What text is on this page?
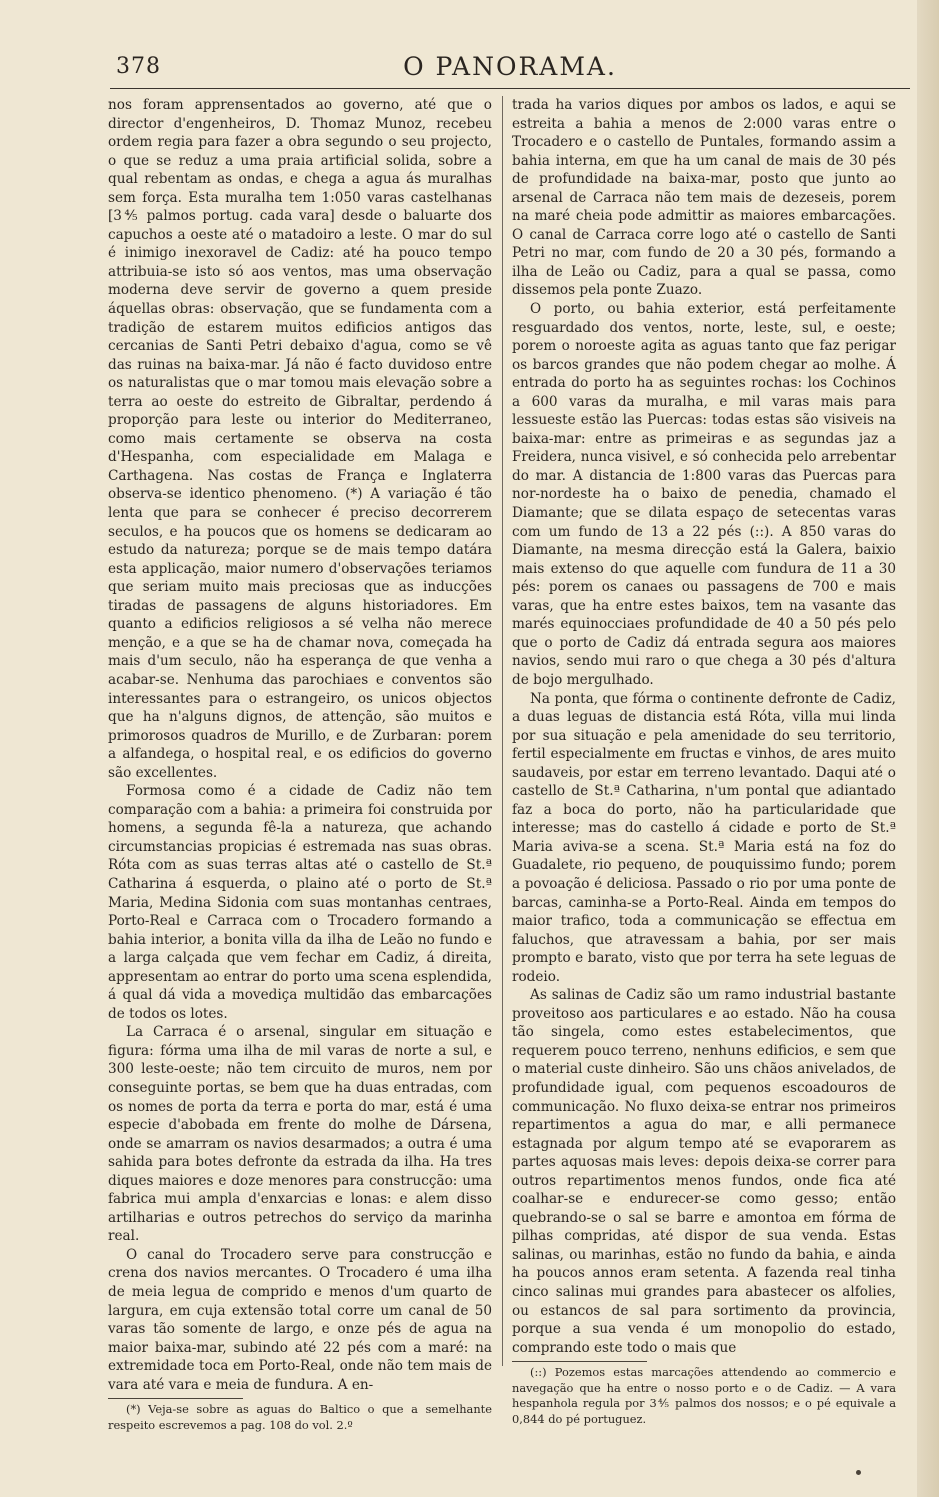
378	O PANORAMA.

nos foram apprensentados ao governo, até que o director d'engenheiros, D. Thomaz Munoz, recebeu ordem regia para fazer a obra segundo o seu projecto, o que se reduz a uma praia artificial solida, sobre a qual rebentam as ondas, e chega a agua ás muralhas sem força. Esta muralha tem 1:050 varas castelhanas [3⅘ palmos portug. cada vara] desde o baluarte dos capuchos a oeste até o matadoiro a leste. O mar do sul é inimigo inexoravel de Cadiz: até ha pouco tempo attribuia-se isto só aos ventos, mas uma observação moderna deve servir de governo a quem preside áquellas obras: observação, que se fundamenta com a tradição de estarem muitos edificios antigos das cercanias de Santi Petri debaixo d'agua, como se vê das ruinas na baixa-mar. Já não é facto duvidoso entre os naturalistas que o mar tomou mais elevação sobre a terra ao oeste do estreito de Gibraltar, perdendo á proporção para leste ou interior do Mediterraneo, como mais certamente se observa na costa d'Hespanha, com especialidade em Malaga e Carthagena. Nas costas de França e Inglaterra observa-se identico phenomeno. (*) A variação é tão lenta que para se conhecer é preciso decorrerem seculos, e ha poucos que os homens se dedicaram ao estudo da natureza; porque se de mais tempo datára esta applicação, maior numero d'observações teriamos que seriam muito mais preciosas que as inducções tiradas de passagens de alguns historiadores. Em quanto a edificios religiosos a sé velha não merece menção, e a que se ha de chamar nova, começada ha mais d'um seculo, não ha esperança de que venha a acabar-se. Nenhuma das parochiaes e conventos são interessantes para o estrangeiro, os unicos objectos que ha n'alguns dignos, de attenção, são muitos e primorosos quadros de Murillo, e de Zurbaran: porem a alfandega, o hospital real, e os edificios do governo são excellentes.

Formosa como é a cidade de Cadiz não tem comparação com a bahia: a primeira foi construida por homens, a segunda fê-la a natureza, que achando circumstancias propicias é estremada nas suas obras. Róta com as suas terras altas até o castello de St.ª Catharina á esquerda, o plaino até o porto de St.ª Maria, Medina Sidonia com suas montanhas centraes, Porto-Real e Carraca com o Trocadero formando a bahia interior, a bonita villa da ilha de Leão no fundo e a larga calçada que vem fechar em Cadiz, á direita, appresentam ao entrar do porto uma scena esplendida, á qual dá vida a movediça multidão das embarcações de todos os lotes.

La Carraca é o arsenal, singular em situação e figura: fórma uma ilha de mil varas de norte a sul, e 300 leste-oeste; não tem circuito de muros, nem por conseguinte portas, se bem que ha duas entradas, com os nomes de porta da terra e porta do mar, está é uma especie d'abobada em frente do molhe de Dársena, onde se amarram os navios desarmados; a outra é uma sahida para botes defronte da estrada da ilha. Ha tres diques maiores e doze menores para construcção: uma fabrica mui ampla d'enxarcias e lonas: e alem disso artilharias e outros petrechos do serviço da marinha real.

O canal do Trocadero serve para construcção e crena dos navios mercantes. O Trocadero é uma ilha de meia legua de comprido e menos d'um quarto de largura, em cuja extensão total corre um canal de 50 varas tão somente de largo, e onze pés de agua na maior baixa-mar, subindo até 22 pés com a maré: na extremidade toca em Porto-Real, onde não tem mais de vara até vara e meia de fundura. A en-

(*) Veja-se sobre as aguas do Baltico o que a semelhante respeito escrevemos a pag. 108 do vol. 2.º

trada ha varios diques por ambos os lados, e aqui se estreita a bahia a menos de 2:000 varas entre o Trocadero e o castello de Puntales, formando assim a bahia interna, em que ha um canal de mais de 30 pés de profundidade na baixa-mar, posto que junto ao arsenal de Carraca não tem mais de dezeseis, porem na maré cheia pode admittir as maiores embarcações. O canal de Carraca corre logo até o castello de Santi Petri no mar, com fundo de 20 a 30 pés, formando a ilha de Leão ou Cadiz, para a qual se passa, como dissemos pela ponte Zuazo.

O porto, ou bahia exterior, está perfeitamente resguardado dos ventos, norte, leste, sul, e oeste; porem o noroeste agita as aguas tanto que faz perigar os barcos grandes que não podem chegar ao molhe. Á entrada do porto ha as seguintes rochas: los Cochinos a 600 varas da muralha, e mil varas mais para lessueste estão las Puercas: todas estas são visiveis na baixa-mar: entre as primeiras e as segundas jaz a Freidera, nunca visivel, e só conhecida pelo arrebentar do mar. A distancia de 1:800 varas das Puercas para nor-nordeste ha o baixo de penedia, chamado el Diamante; que se dilata espaço de setecentas varas com um fundo de 13 a 22 pés (::). A 850 varas do Diamante, na mesma direcção está la Galera, baixio mais extenso do que aquelle com fundura de 11 a 30 pés: porem os canaes ou passagens de 700 e mais varas, que ha entre estes baixos, tem na vasante das marés equinocciaes profundidade de 40 a 50 pés pelo que o porto de Cadiz dá entrada segura aos maiores navios, sendo mui raro o que chega a 30 pés d'altura de bojo mergulhado.

Na ponta, que fórma o continente defronte de Cadiz, a duas leguas de distancia está Róta, villa mui linda por sua situação e pela amenidade do seu territorio, fertil especialmente em fructas e vinhos, de ares muito saudaveis, por estar em terreno levantado. Daqui até o castello de St.ª Catharina, n'um pontal que adiantado faz a boca do porto, não ha particularidade que interesse; mas do castello á cidade e porto de St.ª Maria aviva-se a scena. St.ª Maria está na foz do Guadalete, rio pequeno, de pouquissimo fundo; porem a povoação é deliciosa. Passado o rio por uma ponte de barcas, caminha-se a Porto-Real. Ainda em tempos do maior trafico, toda a communicação se effectua em faluchos, que atravessam a bahia, por ser mais prompto e barato, visto que por terra ha sete leguas de rodeio.

As salinas de Cadiz são um ramo industrial bastante proveitoso aos particulares e ao estado. Não ha cousa tão singela, como estes estabelecimentos, que requerem pouco terreno, nenhuns edificios, e sem que o material custe dinheiro. São uns chãos anivelados, de profundidade igual, com pequenos escoadouros de communicação. No fluxo deixa-se entrar nos primeiros repartimentos a agua do mar, e alli permanece estagnada por algum tempo até se evaporarem as partes aquosas mais leves: depois deixa-se correr para outros repartimentos menos fundos, onde fica até coalhar-se e endurecer-se como gesso; então quebrando-se o sal se barre e amontoa em fórma de pilhas compridas, até dispor de sua venda. Estas salinas, ou marinhas, estão no fundo da bahia, e ainda ha poucos annos eram setenta. A fazenda real tinha cinco salinas mui grandes para abastecer os alfolies, ou estancos de sal para sortimento da provincia, porque a sua venda é um monopolio do estado, comprando este todo o mais que

(::) Pozemos estas marcações attendendo ao commercio e navegação que ha entre o nosso porto e o de Cadiz. — A vara hespanhola regula por 3⅘ palmos dos nossos; e o pé equivale a 0,844 do pé portuguez.
